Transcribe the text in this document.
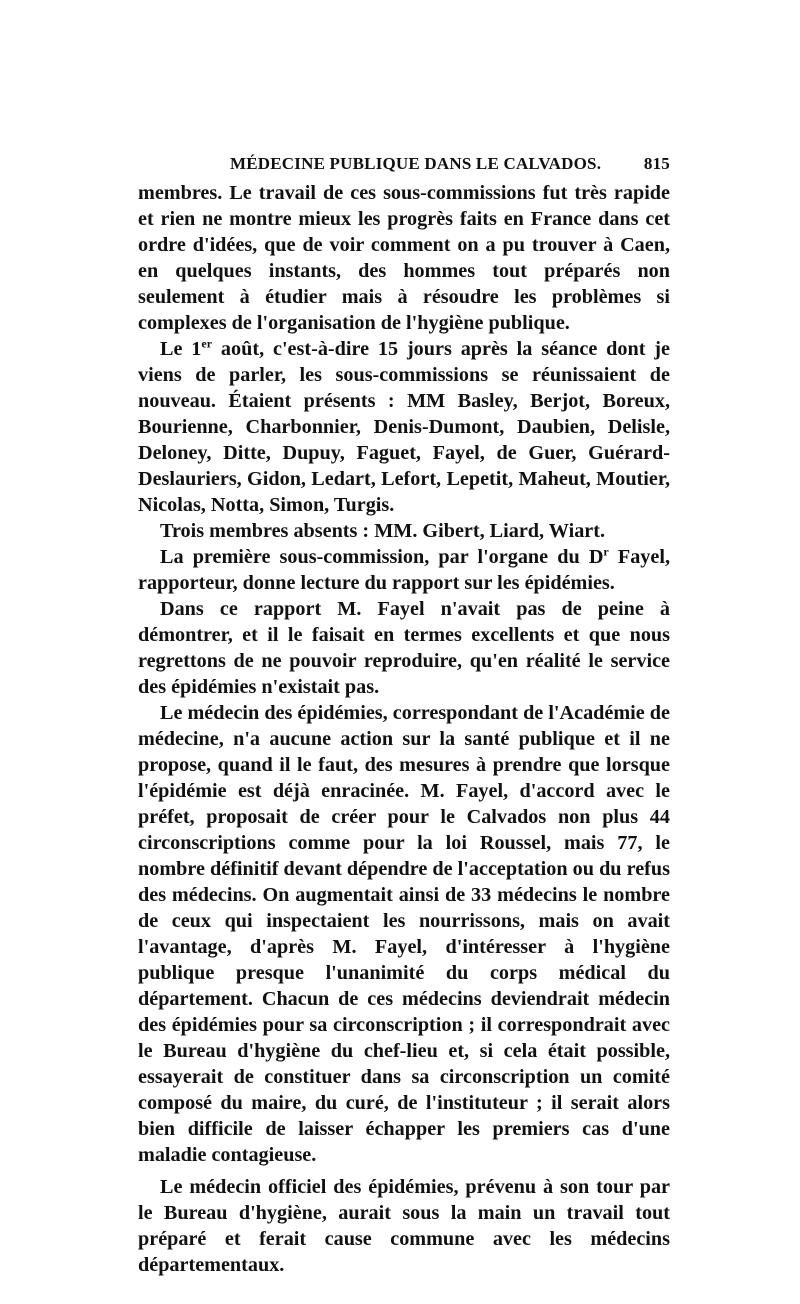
MÉDECINE PUBLIQUE DANS LE CALVADOS.	815

membres. Le travail de ces sous-commissions fut très rapide et rien ne montre mieux les progrès faits en France dans cet ordre d'idées, que de voir comment on a pu trouver à Caen, en quelques instants, des hommes tout préparés non seulement à étudier mais à résoudre les problèmes si complexes de l'organisation de l'hygiène publique.

Le 1er août, c'est-à-dire 15 jours après la séance dont je viens de parler, les sous-commissions se réunissaient de nouveau. Étaient présents : MM Basley, Berjot, Boreux, Bourienne, Charbonnier, Denis-Dumont, Daubien, Delisle, Deloney, Ditte, Dupuy, Faguet, Fayel, de Guer, Guérard-Deslauriers, Gidon, Ledart, Lefort, Lepetit, Maheut, Moutier, Nicolas, Notta, Simon, Turgis.

Trois membres absents : MM. Gibert, Liard, Wiart.

La première sous-commission, par l'organe du $D^r$ Fayel, rapporteur, donne lecture du rapport sur les épidémies.

Dans ce rapport M. Fayel n'avait pas de peine à démontrer, et il le faisait en termes excellents et que nous regrettons de ne pouvoir reproduire, qu'en réalité le service des épidémies n'existait pas.

Le médecin des épidémies, correspondant de l'Académie de médecine, n'a aucune action sur la santé publique et il ne propose, quand il le faut, des mesures à prendre que lorsque l'épidémie est déjà enracinée. M. Fayel, d'accord avec le préfet, proposait de créer pour le Calvados non plus 44 circonscriptions comme pour la loi Roussel, mais 77, le nombre définitif devant dépendre de l'acceptation ou du refus des médecins. On augmentait ainsi de 33 médecins le nombre de ceux qui inspectaient les nourrissons, mais on avait l'avantage, d'après M. Fayel, d'intéresser à l'hygiène publique presque l'unanimité du corps médical du département. Chacun de ces médecins deviendrait médecin des épidémies pour sa circonscription ; il correspondrait avec le Bureau d'hygiène du chef-lieu et, si cela était possible, essayerait de constituer dans sa circonscription un comité composé du maire, du curé, de l'instituteur ; il serait alors bien difficile de laisser échapper les premiers cas d'une maladie contagieuse.

Le médecin officiel des épidémies, prévenu à son tour par le Bureau d'hygiène, aurait sous la main un travail tout préparé et ferait cause commune avec les médecins départementaux.
